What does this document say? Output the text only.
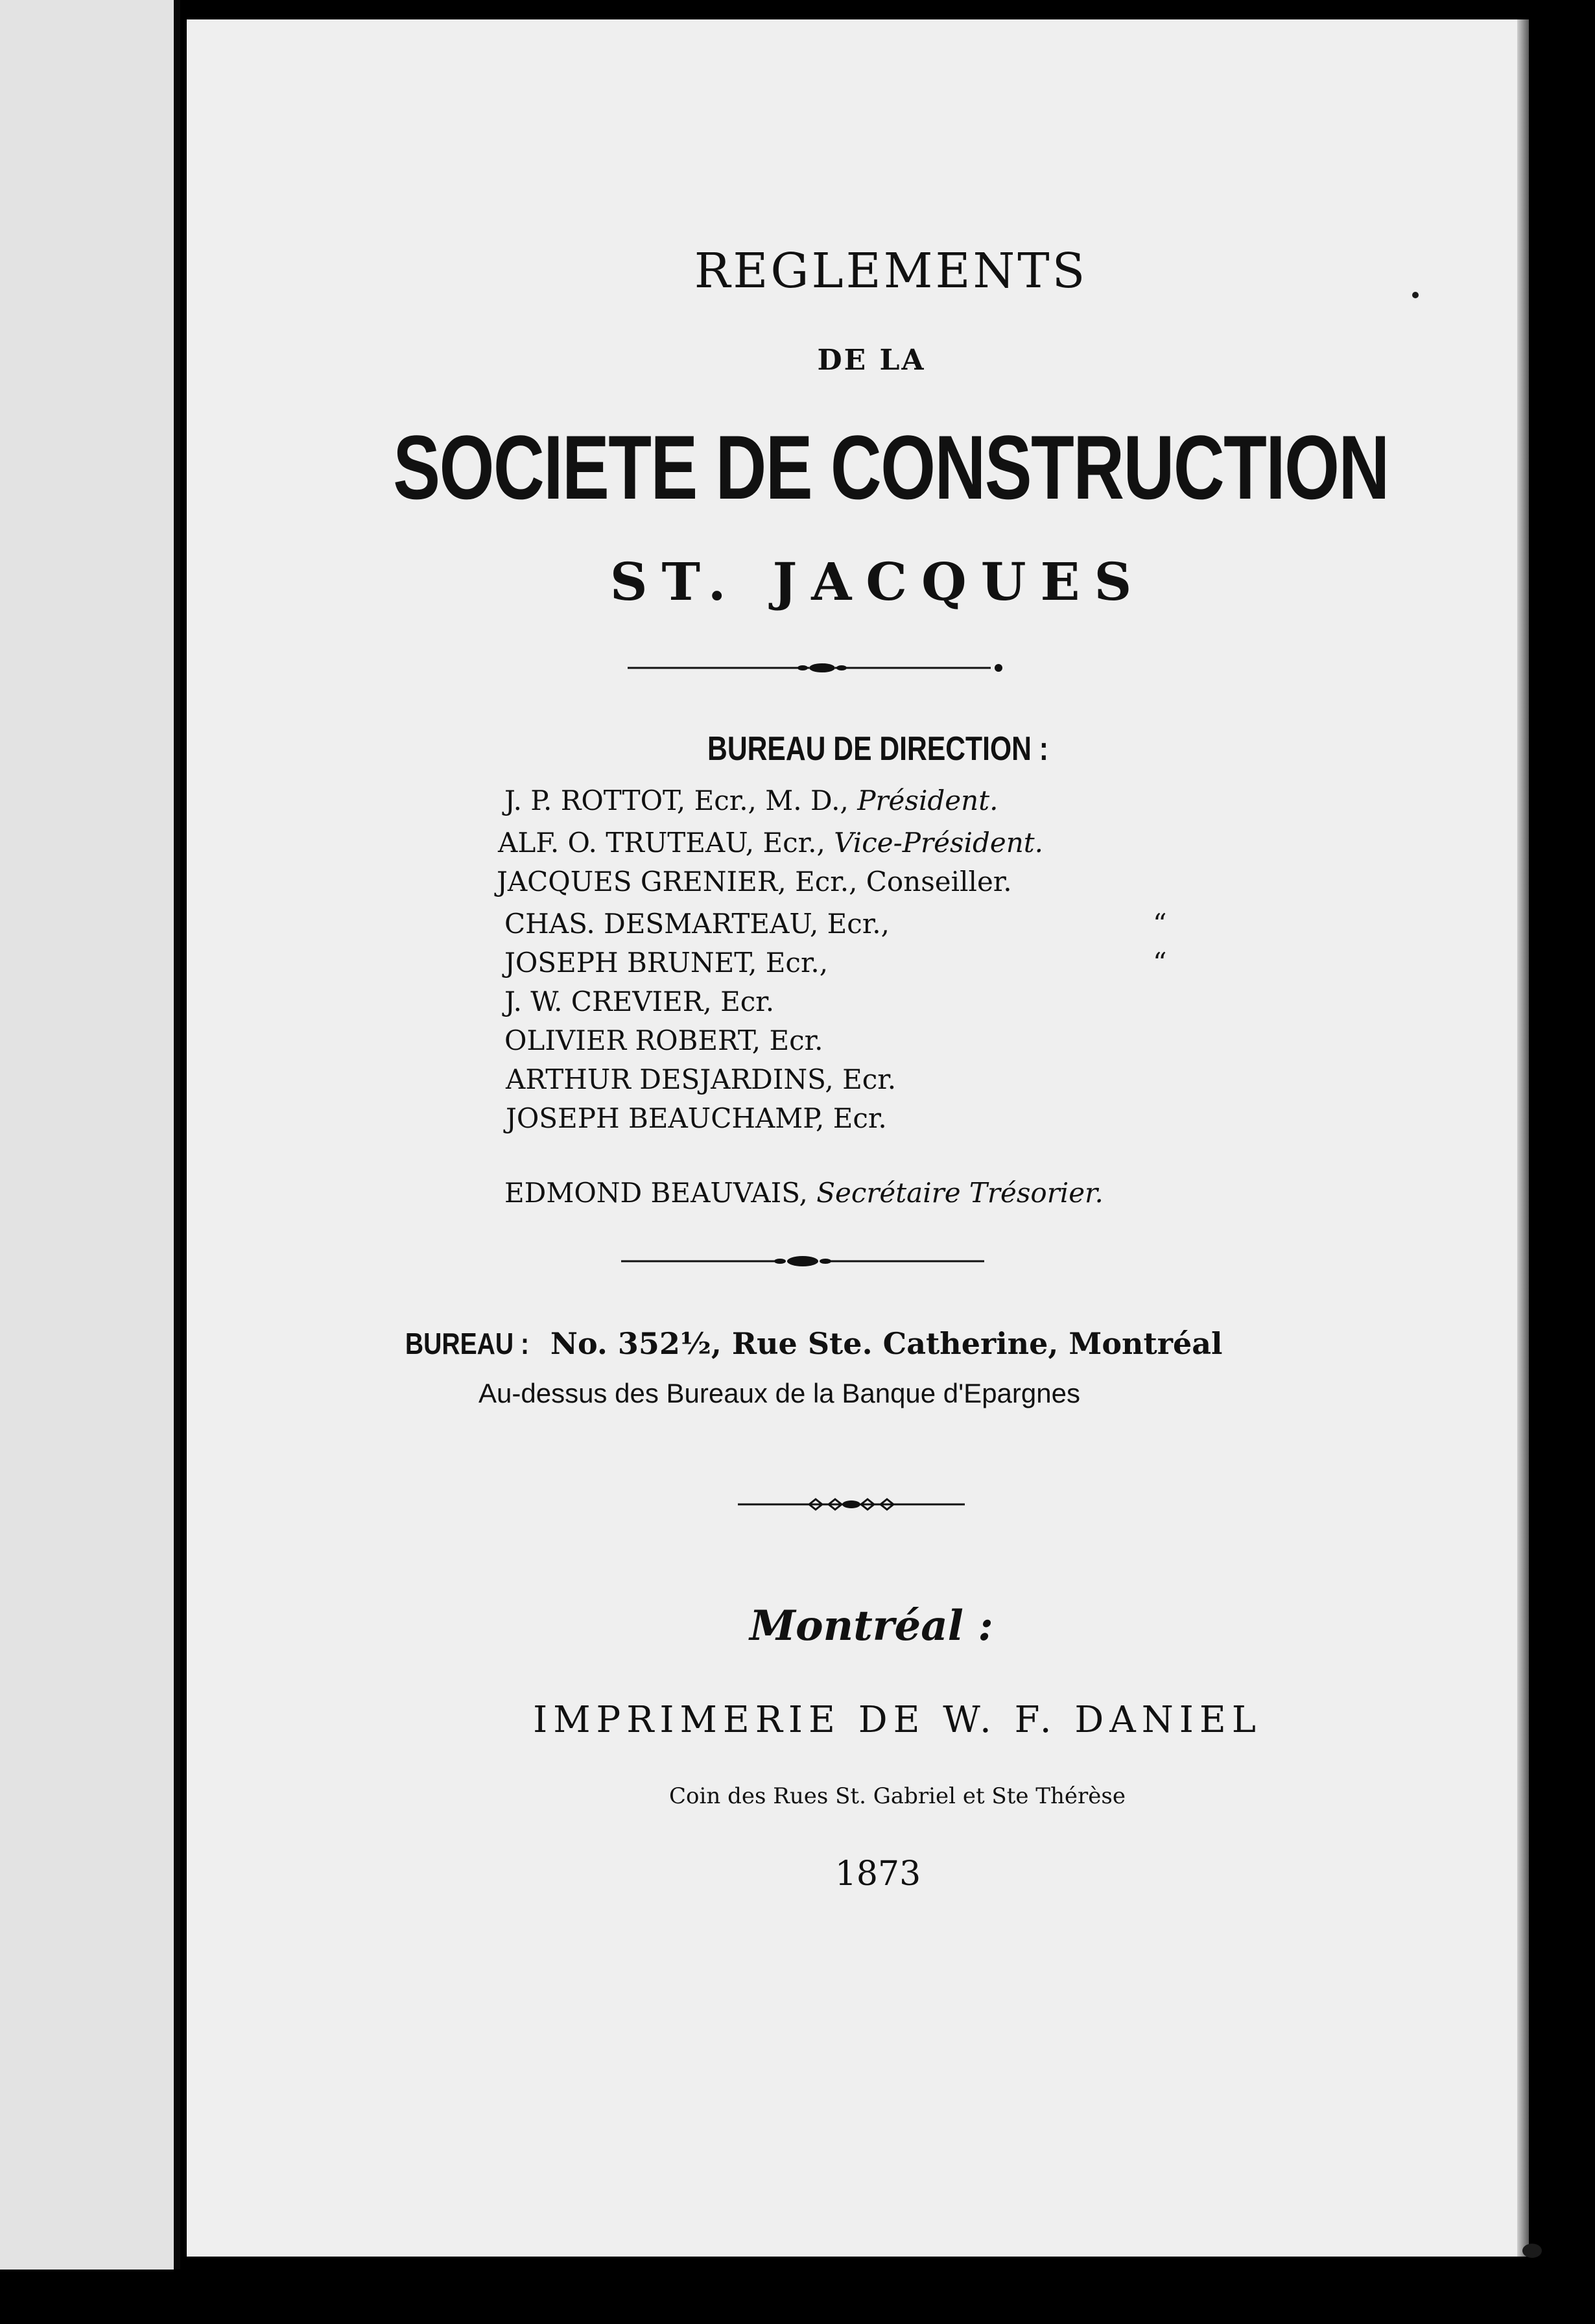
REGLEMENTS
DE LA
SOCIETE DE CONSTRUCTION
ST. JACQUES
BUREAU DE DIRECTION :
J. P. ROTTOT, Ecr., M. D., Président.
ALF. O. TRUTEAU, Ecr., Vice-Président.
JACQUES GRENIER, Ecr., Conseiller.
CHAS. DESMARTEAU, Ecr.,	“
JOSEPH BRUNET, Ecr.,	“
J. W. CREVIER, Ecr.
OLIVIER ROBERT, Ecr.
ARTHUR DESJARDINS, Ecr.
JOSEPH BEAUCHAMP, Ecr.
EDMOND BEAUVAIS, Secrétaire Trésorier.
BUREAU : No. 352½, Rue Ste. Catherine, Montréal
Au-dessus des Bureaux de la Banque d'Epargnes
Montréal :
IMPRIMERIE DE W. F. DANIEL
Coin des Rues St. Gabriel et Ste Thérèse
1873
